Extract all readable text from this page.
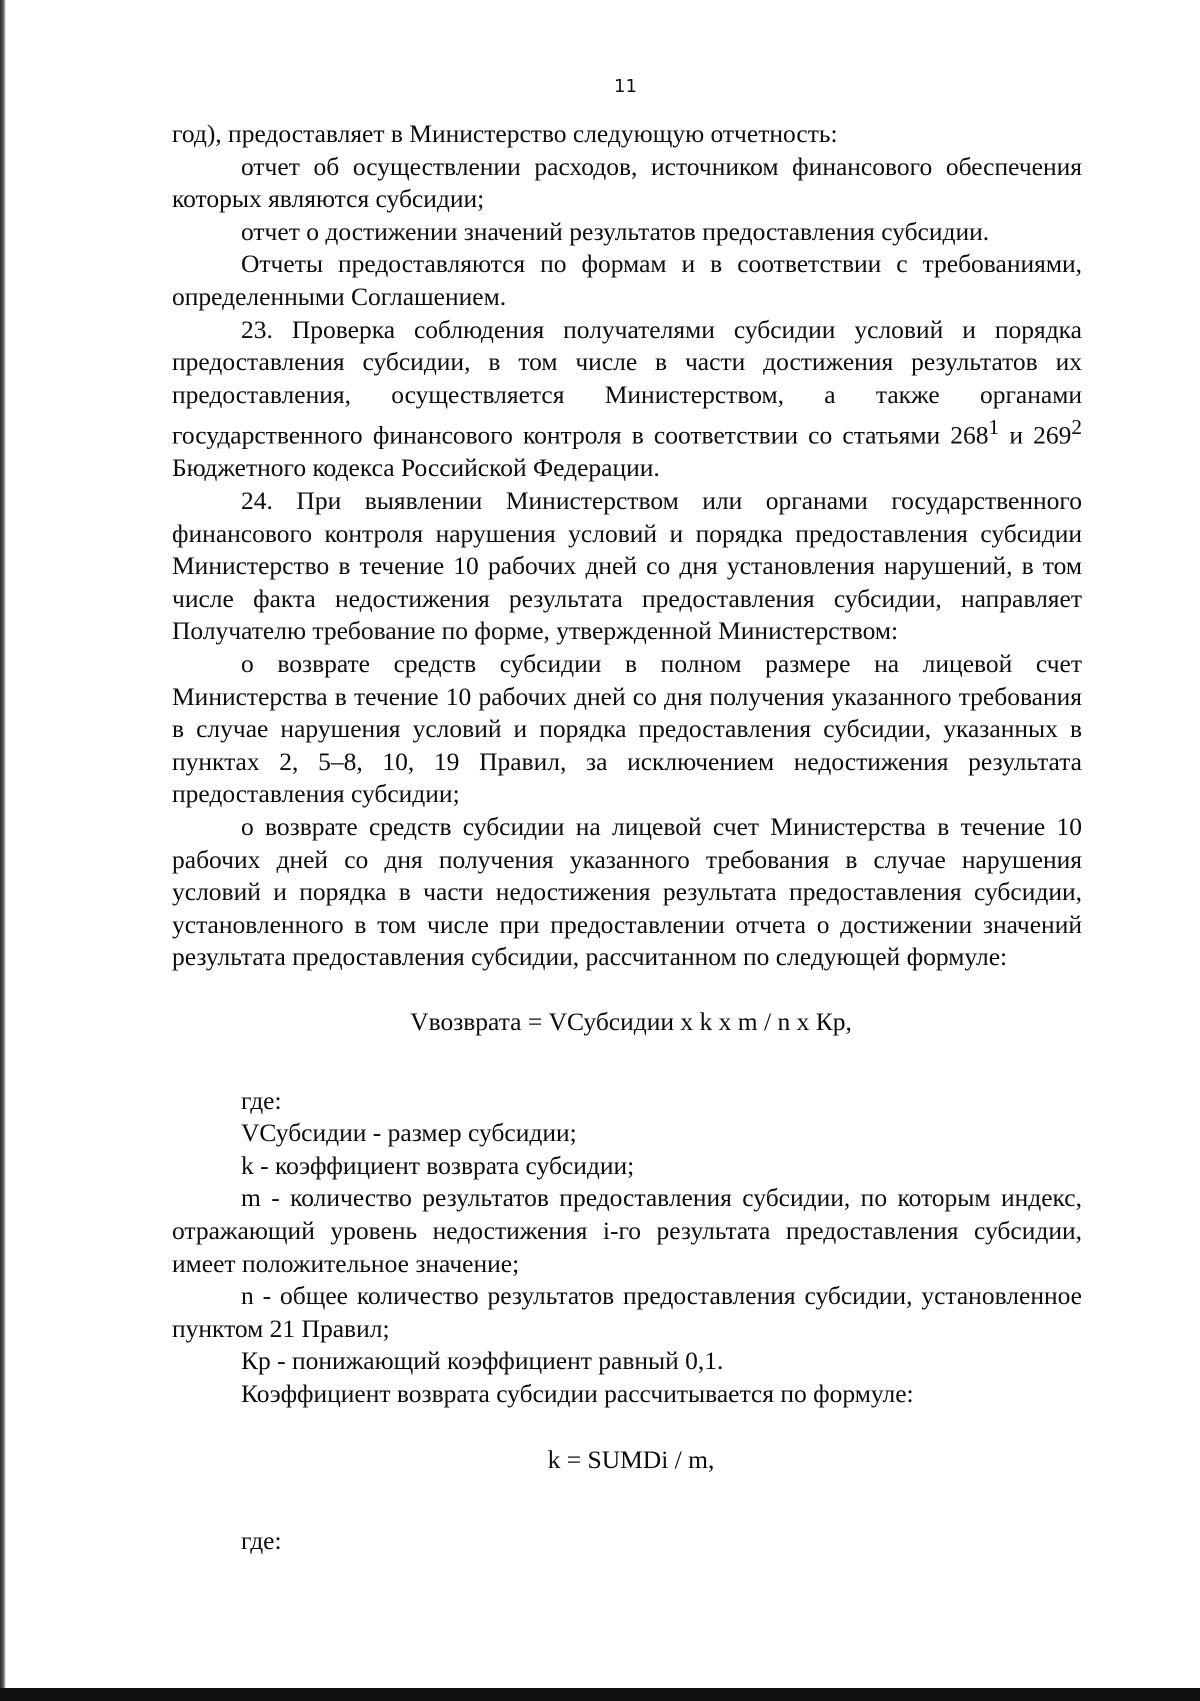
11

год), предоставляет в Министерство следующую отчетность:

отчет об осуществлении расходов, источником финансового обеспечения которых являются субсидии;

отчет о достижении значений результатов предоставления субсидии.

Отчеты предоставляются по формам и в соответствии с требованиями, определенными Соглашением.

23. Проверка соблюдения получателями субсидии условий и порядка предоставления субсидии, в том числе в части достижения результатов их предоставления, осуществляется Министерством, а также органами государственного финансового контроля в соответствии со статьями $268^1$ и $269^2$ Бюджетного кодекса Российской Федерации.

24. При выявлении Министерством или органами государственного финансового контроля нарушения условий и порядка предоставления субсидии Министерство в течение 10 рабочих дней со дня установления нарушений, в том числе факта недостижения результата предоставления субсидии, направляет Получателю требование по форме, утвержденной Министерством:

о возврате средств субсидии в полном размере на лицевой счет Министерства в течение 10 рабочих дней со дня получения указанного требования в случае нарушения условий и порядка предоставления субсидии, указанных в пунктах 2, 5–8, 10, 19 Правил, за исключением недостижения результата предоставления субсидии;

о возврате средств субсидии на лицевой счет Министерства в течение 10 рабочих дней со дня получения указанного требования в случае нарушения условий и порядка в части недостижения результата предоставления субсидии, установленного в том числе при предоставлении отчета о достижении значений результата предоставления субсидии, рассчитанном по следующей формуле:

Vвозврата = VСубсидии x k x m / n x Кр,

где:

VСубсидии - размер субсидии;

k - коэффициент возврата субсидии;

m - количество результатов предоставления субсидии, по которым индекс, отражающий уровень недостижения i-го результата предоставления субсидии, имеет положительное значение;

n - общее количество результатов предоставления субсидии, установленное пунктом 21 Правил;

Кр - понижающий коэффициент равный 0,1.

Коэффициент возврата субсидии рассчитывается по формуле:

k = SUMDi / m,

где:
